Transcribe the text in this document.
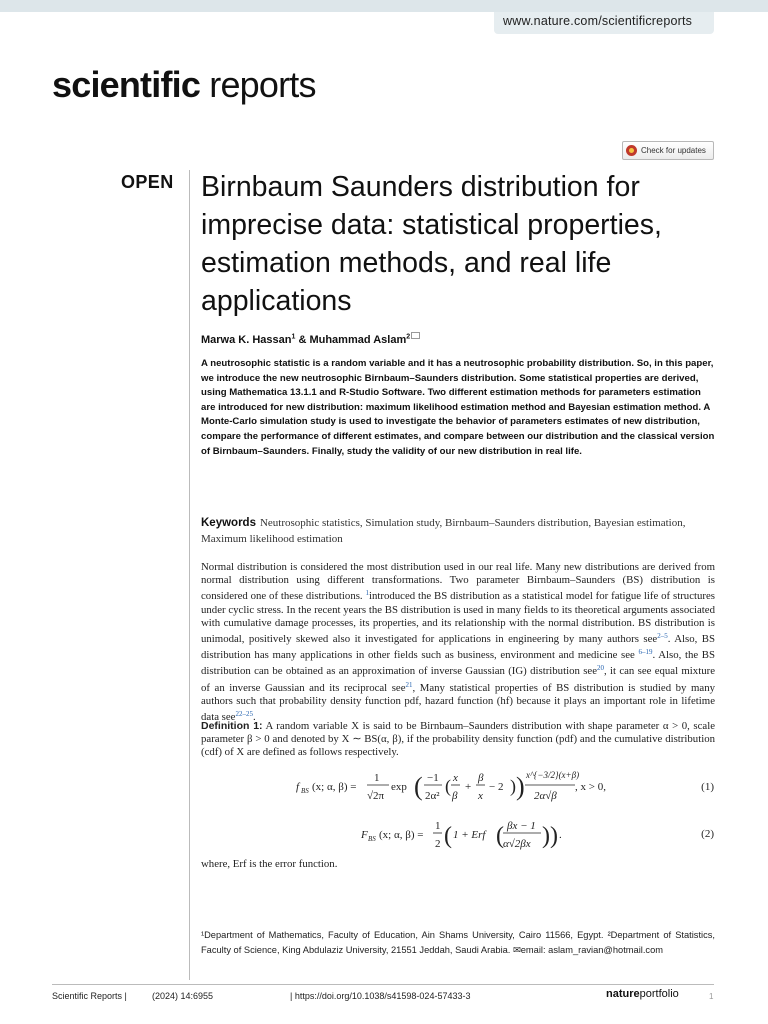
www.nature.com/scientificreports
scientific reports
Check for updates
OPEN Birnbaum Saunders distribution for imprecise data: statistical properties, estimation methods, and real life applications
Marwa K. Hassan$^1$ & Muhammad Aslam$^2$

A neutrosophic statistic is a random variable and it has a neutrosophic probability distribution. So, in this paper, we introduce the new neutrosophic Birnbaum–Saunders distribution. Some statistical properties are derived, using Mathematica 13.1.1 and R-Studio Software. Two different estimation methods for parameters estimation are introduced for new distribution: maximum likelihood estimation method and Bayesian estimation method. A Monte-Carlo simulation study is used to investigate the behavior of parameters estimates of new distribution, compare the performance of different estimates, and compare between our distribution and the classical version of Birnbaum–Saunders. Finally, study the validity of our new distribution in real life.

Keywords Neutrosophic statistics, Simulation study, Birnbaum–Saunders distribution, Bayesian estimation, Maximum likelihood estimation

Normal distribution is considered the most distribution used in our real life. Many new distributions are derived from normal distribution using different transformations. Two parameter Birnbaum–Saunders (BS) distribution is considered one of these distributions. $^1$introduced the BS distribution as a statistical model for fatigue life of structures under cyclic stress. In the recent years the BS distribution is used in many fields to its theoretical arguments associated with cumulative damage processes, its properties, and its relationship with the normal distribution. BS distribution is unimodal, positively skewed also it investigated for applications in engineering by many authors see$^{2-5}$. Also, BS distribution has many applications in other fields such as business, environment and medicine see $^{6-19}$. Also, the BS distribution can be obtained as an approximation of inverse Gaussian (IG) distribution see$^{20}$, it can see equal mixture of an inverse Gaussian and its reciprocal see$^{21}$, Many statistical properties of BS distribution is studied by many authors such that probability density function pdf, hazard function (hf) because it plays an important role in lifetime data see$^{22-25}$.

Definition 1: A random variable X is said to be Birnbaum–Saunders distribution with shape parameter α > 0, scale parameter β > 0 and denoted by X ∼ BS(α, β), if the probability density function (pdf) and the cumulative distribution (cdf) of X are defined as follows respectively.

f BS (x; α, β) =
1
√2π
exp ( −1
2α² ( x
β
+
β
x
− 2 ) ) x^{−3/2}(x+β)
2α√β
, x > 0,	(1)
F BS (x; α, β) =
1
2 ( 1 + Erf ( βx − 1
α√2βx ) ) .	(2)
where, Erf is the error function.

¹Department of Mathematics, Faculty of Education, Ain Shams University, Cairo 11566, Egypt. ²Department of Statistics, Faculty of Science, King Abdulaziz University, 21551 Jeddah, Saudi Arabia. ✉email: aslam_ravian@hotmail.com

Scientific Reports |	(2024) 14:6955	| https://doi.org/10.1038/s41598-024-57433-3	natureportfolio	1
